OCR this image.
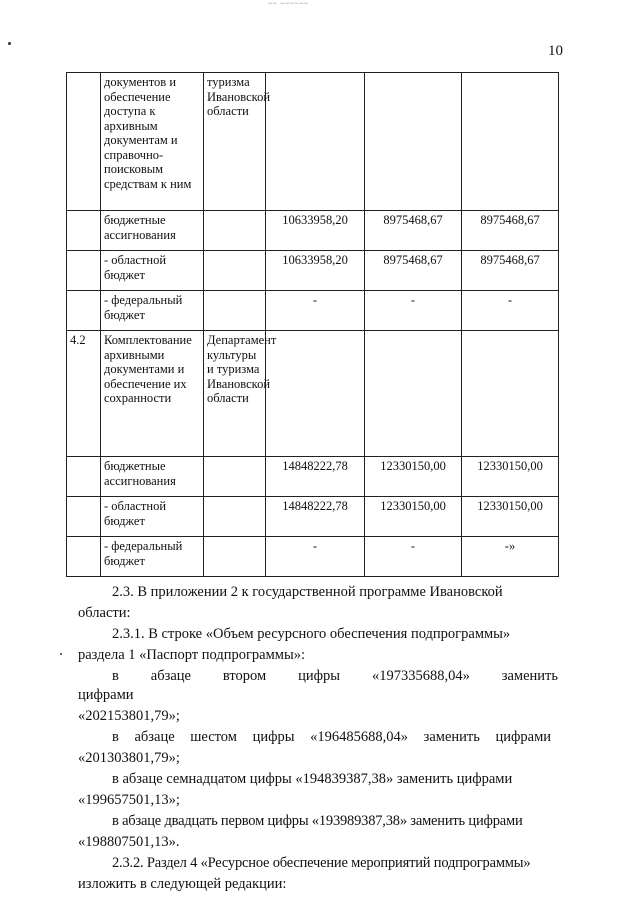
~~ ~~~~~~
10
	документов и обеспечение доступа к архивным документам и справочно-поисковым средствам к ним	туризма Ивановской области			
	бюджетные ассигнования		10633958,20	8975468,67	8975468,67
	- областной бюджет		10633958,20	8975468,67	8975468,67
	- федеральный бюджет		-	-	-
4.2	Комплектование архивными документами и обеспечение их сохранности	Департамент культуры и туризма Ивановской области			
	бюджетные ассигнования		14848222,78	12330150,00	12330150,00
	- областной бюджет		14848222,78	12330150,00	12330150,00
	- федеральный бюджет		-	-	-»

2.3. В приложении 2 к государственной программе Ивановской

области:

2.3.1. В строке «Объем ресурсного обеспечения подпрограммы»

раздела 1 «Паспорт подпрограммы»:

в абзаце втором цифры «197335688,04» заменить цифрами

«202153801,79»;

в абзаце шестом цифры «196485688,04» заменить цифрами

«201303801,79»;

в абзаце семнадцатом цифры «194839387,38» заменить цифрами

«199657501,13»;

в абзаце двадцать первом цифры «193989387,38» заменить цифрами

«198807501,13».

2.3.2. Раздел 4 «Ресурсное обеспечение мероприятий подпрограммы»

изложить в следующей редакции:
